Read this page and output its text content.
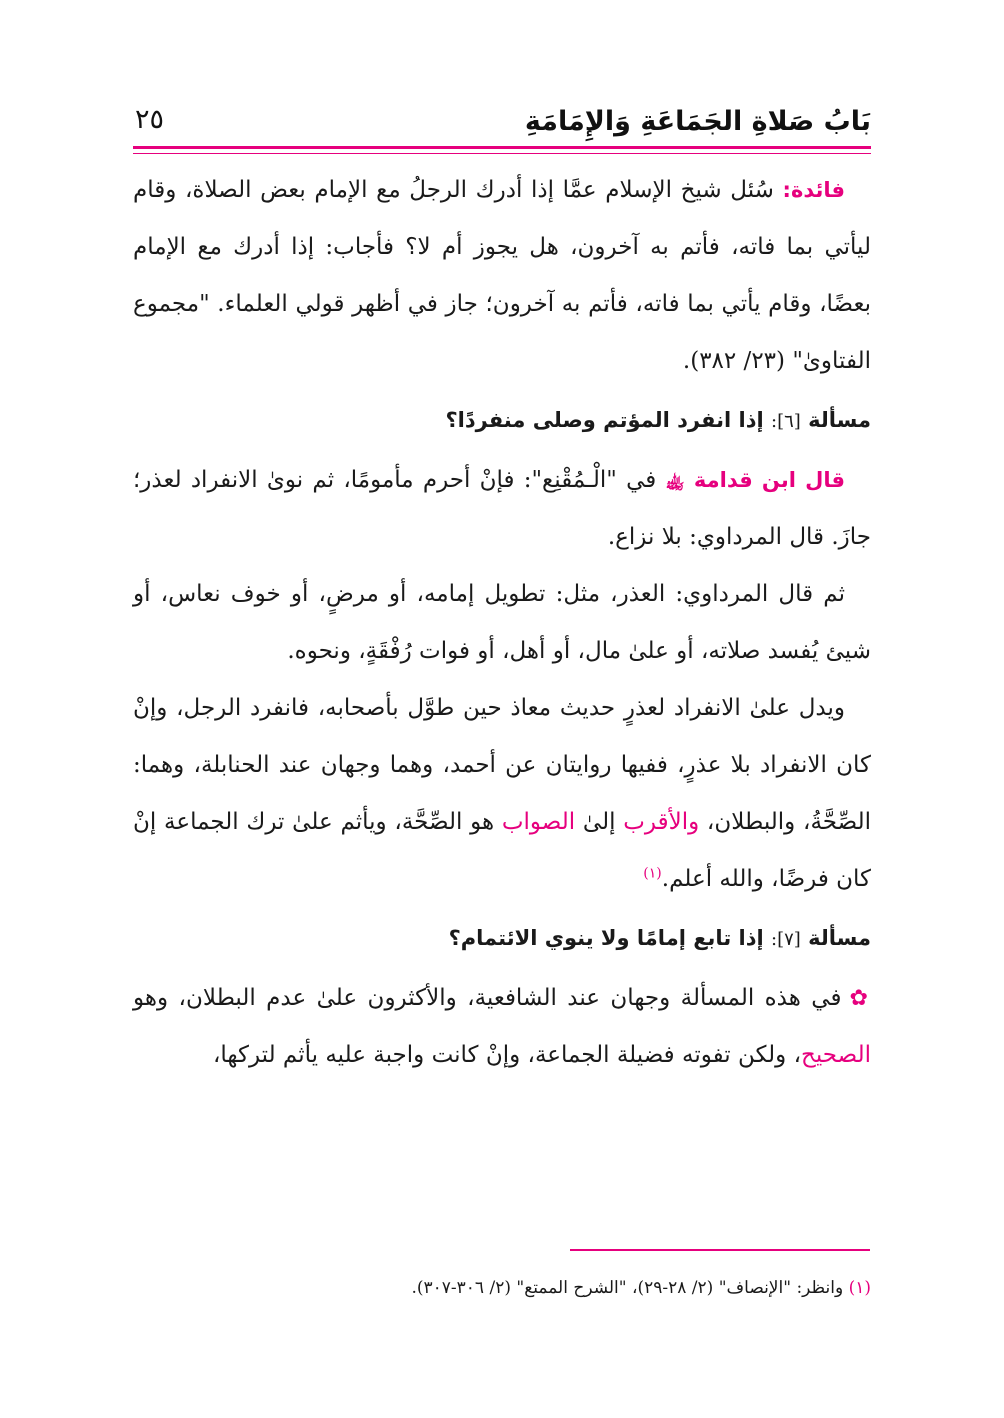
بَابُ صَلاةِ الجَمَاعَةِ وَالإِمَامَةِ
٢٥

فائدة: سُئل شيخ الإسلام عمَّا إذا أدرك الرجلُ مع الإمام بعض الصلاة، وقام ليأتي بما فاته، فأتم به آخرون، هل يجوز أم لا؟ فأجاب: إذا أدرك مع الإمام بعضًا، وقام يأتي بما فاته، فأتم به آخرون؛ جاز في أظهر قولي العلماء. "مجموع الفتاوىٰ" (٢٣/ ٣٨٢).

مسألة [٦]: إذا انفرد المؤتم وصلى منفردًا؟

قال ابن قدامة ﵀ في "الْـمُقْنِع": فإنْ أحرم مأمومًا، ثم نوىٰ الانفراد لعذر؛ جازَ. قال المرداوي: بلا نزاع.

ثم قال المرداوي: العذر، مثل: تطويل إمامه، أو مرضٍ، أو خوف نعاس، أو شيئ يُفسد صلاته، أو علىٰ مال، أو أهل، أو فوات رُفْقَةٍ، ونحوه.

ويدل علىٰ الانفراد لعذرٍ حديث معاذ حين طوَّل بأصحابه، فانفرد الرجل، وإنْ كان الانفراد بلا عذرٍ، ففيها روايتان عن أحمد، وهما وجهان عند الحنابلة، وهما: الصِّحَّةُ، والبطلان، والأقرب إلىٰ الصواب هو الصِّحَّة، ويأثم علىٰ ترك الجماعة إنْ كان فرضًا، والله أعلم.$^{(١)}$

مسألة [٧]: إذا تابع إمامًا ولا ينوي الائتمام؟

✿في هذه المسألة وجهان عند الشافعية، والأكثرون علىٰ عدم البطلان، وهو الصحيح، ولكن تفوته فضيلة الجماعة، وإنْ كانت واجبة عليه يأثم لتركها،

(١) وانظر: "الإنصاف" (٢/ ٢٨-٢٩)، "الشرح الممتع" (٢/ ٣٠٦-٣٠٧).
